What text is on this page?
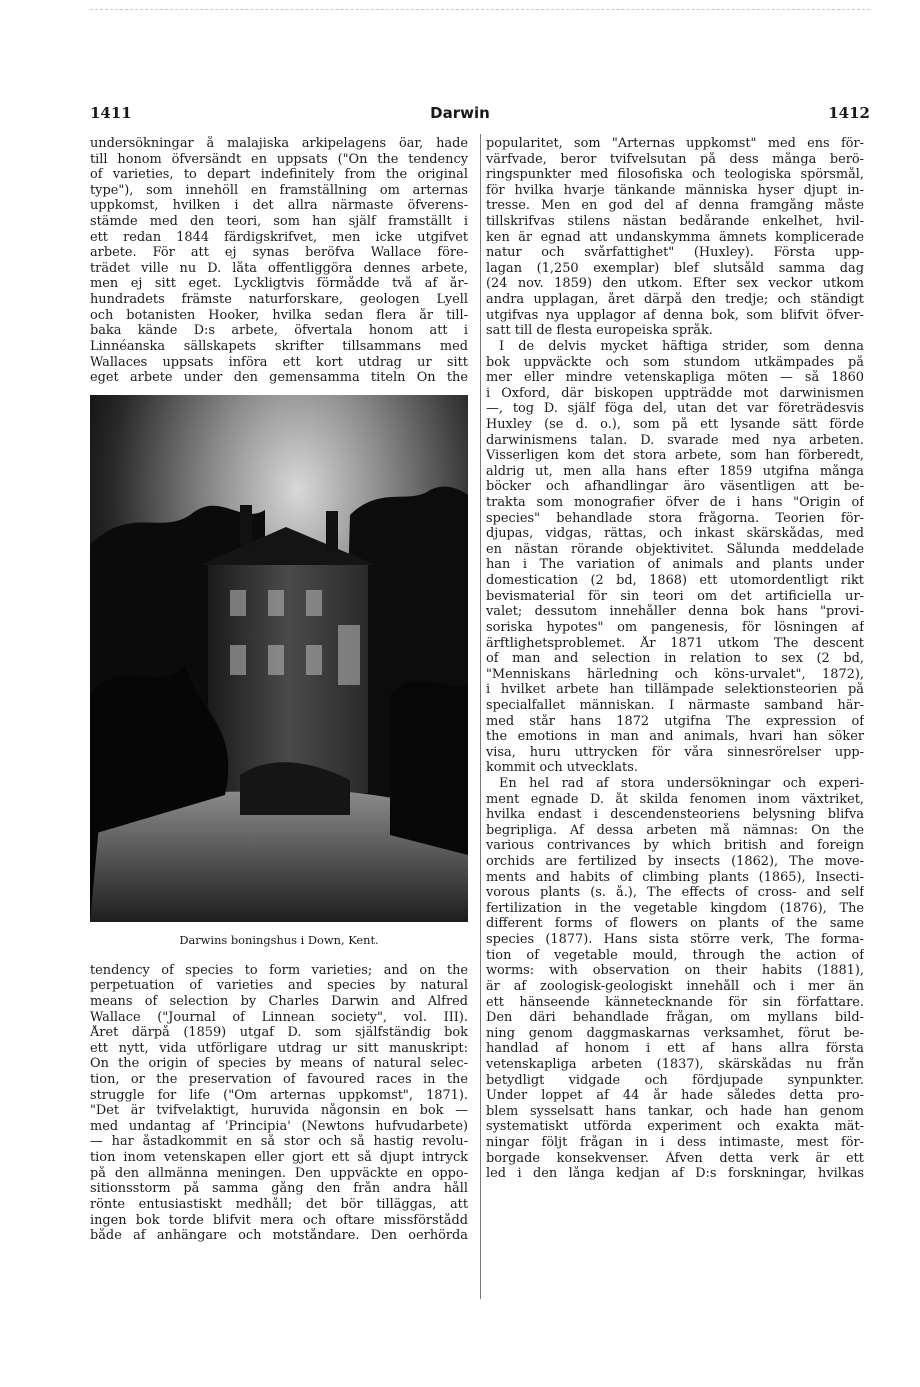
1411	Darwin	1412
undersökningar å malajiska arkipelagens öar, hade
till honom öfversändt en uppsats ("On the tendency
of varieties, to depart indefinitely from the original
type"), som innehöll en framställning om arternas
uppkomst, hvilken i det allra närmaste öfverens-
stämde med den teori, som han själf framställt i
ett redan 1844 färdigskrifvet, men icke utgifvet
arbete. För att ej synas beröfva Wallace före-
trädet ville nu D. låta offentliggöra dennes arbete,
men ej sitt eget. Lyckligtvis förmådde två af år-
hundradets främste naturforskare, geologen Lyell
och botanisten Hooker, hvilka sedan flera år till-
baka kände D:s arbete, öfvertala honom att i
Linnéanska sällskapets skrifter tillsammans med
Wallaces uppsats införa ett kort utdrag ur sitt
eget arbete under den gemensamma titeln On the
Darwins boningshus i Down, Kent.
tendency of species to form varieties; and on the
perpetuation of varieties and species by natural
means of selection by Charles Darwin and Alfred
Wallace ("Journal of Linnean society", vol. III).
Året därpå (1859) utgaf D. som själfständig bok
ett nytt, vida utförligare utdrag ur sitt manuskript:
On the origin of species by means of natural selec-
tion, or the preservation of favoured races in the
struggle for life ("Om arternas uppkomst", 1871).
"Det är tvifvelaktigt, huruvida någonsin en bok —
med undantag af 'Principia' (Newtons hufvudarbete)
— har åstadkommit en så stor och så hastig revolu-
tion inom vetenskapen eller gjort ett så djupt intryck
på den allmänna meningen. Den uppväckte en oppo-
sitionsstorm på samma gång den från andra håll
rönte entusiastiskt medhåll; det bör tilläggas, att
ingen bok torde blifvit mera och oftare missförstådd
både af anhängare och motståndare. Den oerhörda
popularitet, som "Arternas uppkomst" med ens för-
värfvade, beror tvifvelsutan på dess många berö-
ringspunkter med filosofiska och teologiska spörsmål,
för hvilka hvarje tänkande människa hyser djupt in-
tresse. Men en god del af denna framgång måste
tillskrifvas stilens nästan bedårande enkelhet, hvil-
ken är egnad att undanskymma ämnets komplicerade
natur och svårfattighet" (Huxley). Första upp-
lagan (1,250 exemplar) blef slutsåld samma dag
(24 nov. 1859) den utkom. Efter sex veckor utkom
andra upplagan, året därpå den tredje; och ständigt
utgifvas nya upplagor af denna bok, som blifvit öfver-
satt till de flesta europeiska språk.
I de delvis mycket häftiga strider, som denna
bok uppväckte och som stundom utkämpades på
mer eller mindre vetenskapliga möten — så 1860
i Oxford, där biskopen uppträdde mot darwinismen
—, tog D. själf föga del, utan det var företrädesvis
Huxley (se d. o.), som på ett lysande sätt förde
darwinismens talan. D. svarade med nya arbeten.
Visserligen kom det stora arbete, som han förberedt,
aldrig ut, men alla hans efter 1859 utgifna många
böcker och afhandlingar äro väsentligen att be-
trakta som monografier öfver de i hans "Origin of
species" behandlade stora frågorna. Teorien för-
djupas, vidgas, rättas, och inkast skärskådas, med
en nästan rörande objektivitet. Sålunda meddelade
han i The variation of animals and plants under
domestication (2 bd, 1868) ett utomordentligt rikt
bevismaterial för sin teori om det artificiella ur-
valet; dessutom innehåller denna bok hans "provi-
soriska hypotes" om pangenesis, för lösningen af
ärftlighetsproblemet. År 1871 utkom The descent
of man and selection in relation to sex (2 bd,
"Menniskans härledning och köns-urvalet", 1872),
i hvilket arbete han tillämpade selektionsteorien på
specialfallet människan. I närmaste samband här-
med står hans 1872 utgifna The expression of
the emotions in man and animals, hvari han söker
visa, huru uttrycken för våra sinnesrörelser upp-
kommit och utvecklats.
En hel rad af stora undersökningar och experi-
ment egnade D. åt skilda fenomen inom växtriket,
hvilka endast i descendensteoriens belysning blifva
begripliga. Af dessa arbeten må nämnas: On the
various contrivances by which british and foreign
orchids are fertilized by insects (1862), The move-
ments and habits of climbing plants (1865), Insecti-
vorous plants (s. å.), The effects of cross- and self
fertilization in the vegetable kingdom (1876), The
different forms of flowers on plants of the same
species (1877). Hans sista större verk, The forma-
tion of vegetable mould, through the action of
worms: with observation on their habits (1881),
är af zoologisk-geologiskt innehåll och i mer än
ett hänseende kännetecknande för sin författare.
Den däri behandlade frågan, om myllans bild-
ning genom daggmaskarnas verksamhet, förut be-
handlad af honom i ett af hans allra första
vetenskapliga arbeten (1837), skärskådas nu från
betydligt vidgade och fördjupade synpunkter.
Under loppet af 44 år hade således detta pro-
blem sysselsatt hans tankar, och hade han genom
systematiskt utförda experiment och exakta mät-
ningar följt frågan in i dess intimaste, mest för-
borgade konsekvenser. Äfven detta verk är ett
led i den långa kedjan af D:s forskningar, hvilkas
